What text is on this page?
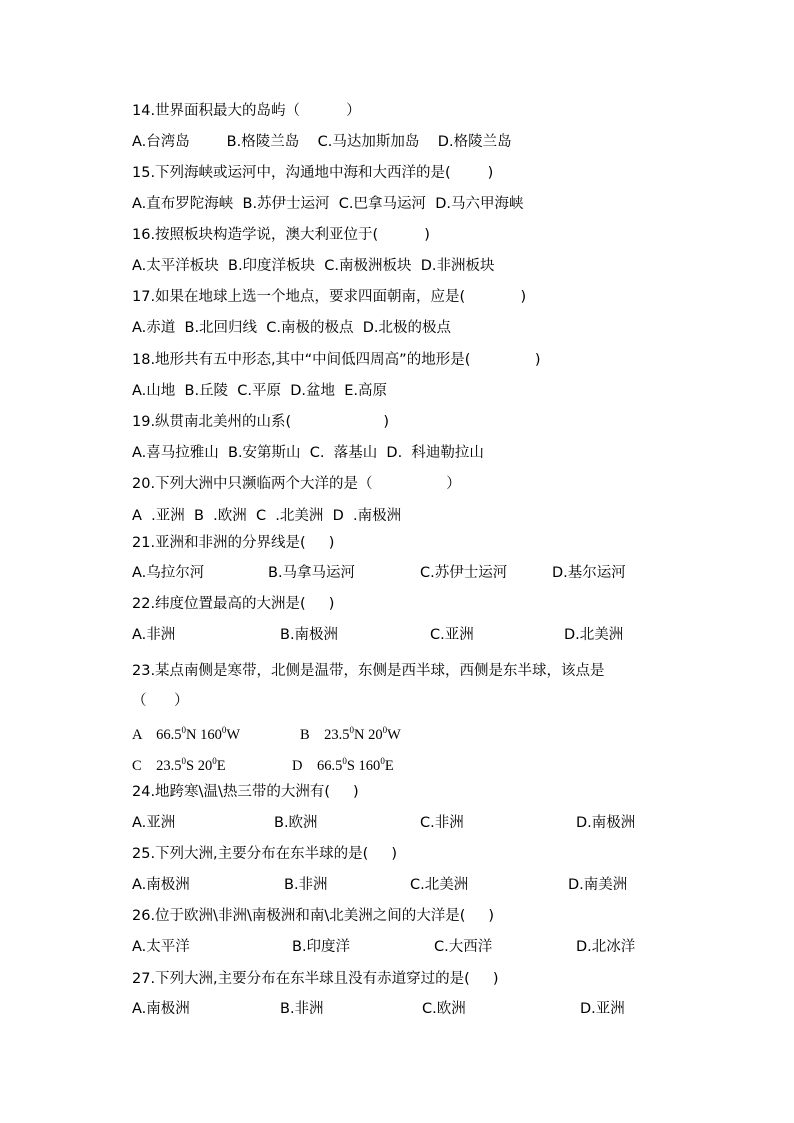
14.世界面积最大的岛屿（          ）
A.台湾岛        B.格陵兰岛    C.马达加斯加岛    D.格陵兰岛
15.下列海峡或运河中，沟通地中海和大西洋的是(        )
A.直布罗陀海峡  B.苏伊士运河  C.巴拿马运河  D.马六甲海峡
16.按照板块构造学说，澳大利亚位于(          )
A.太平洋板块  B.印度洋板块  C.南极洲板块  D.非洲板块
17.如果在地球上选一个地点，要求四面朝南，应是(            )
A.赤道  B.北回归线  C.南极的极点  D.北极的极点
18.地形共有五中形态,其中“中间低四周高”的地形是(              )
A.山地  B.丘陵  C.平原  D.盆地  E.高原
19.纵贯南北美州的山系(                    )
A.喜马拉雅山  B.安第斯山  C.  落基山  D.  科迪勒拉山
20.下列大洲中只濒临两个大洋的是（                ）
A  .亚洲  B  .欧洲  C  .北美洲  D  .南极洲
21.亚洲和非洲的分界线是(     )

A.乌拉尔河

	B.马拿马运河

	C.苏伊士运河

	D.基尔运河

22.纬度位置最高的大洲是(     )

A.非洲

	B.南极洲

	C.亚洲

	D.北美洲

23.某点南侧是寒带，北侧是温带，东侧是西半球，西侧是东半球，该点是
（      ）
A 66.5$^0$N $160^0W$	B 23.5$^0$N $20^0W$
C 23.5$^0$S $20^0E$	D 66.5$^0$S $160^0E$
24.地跨寒\温\热三带的大洲有(     )

A.亚洲

	B.欧洲

	C.非洲

	D.南极洲

25.下列大洲,主要分布在东半球的是(     )

A.南极洲

	B.非洲

	C.北美洲

	D.南美洲

26.位于欧洲\非洲\南极洲和南\北美洲之间的大洋是(     )

A.太平洋

	B.印度洋

	C.大西洋

	D.北冰洋

27.下列大洲,主要分布在东半球且没有赤道穿过的是(     )

A.南极洲

	B.非洲

	C.欧洲

	D.亚洲
